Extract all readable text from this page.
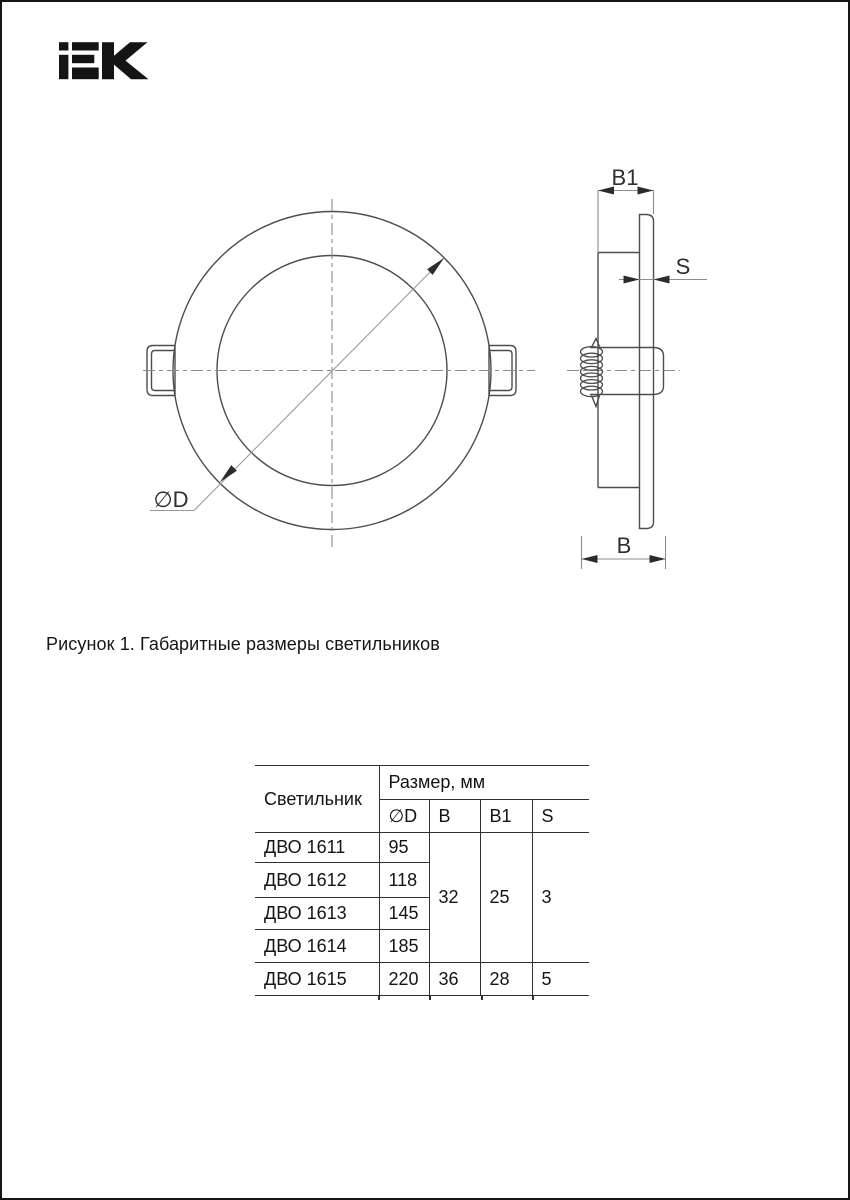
∅D
B1
S
B
Рисунок 1. Габаритные размеры светильников
Светильник	Размер, мм			
	∅D	B	B1	S
ДВО 1611	95	32	25	3
ДВО 1612	118			
ДВО 1613	145			
ДВО 1614	185			
ДВО 1615	220	36	28	5
